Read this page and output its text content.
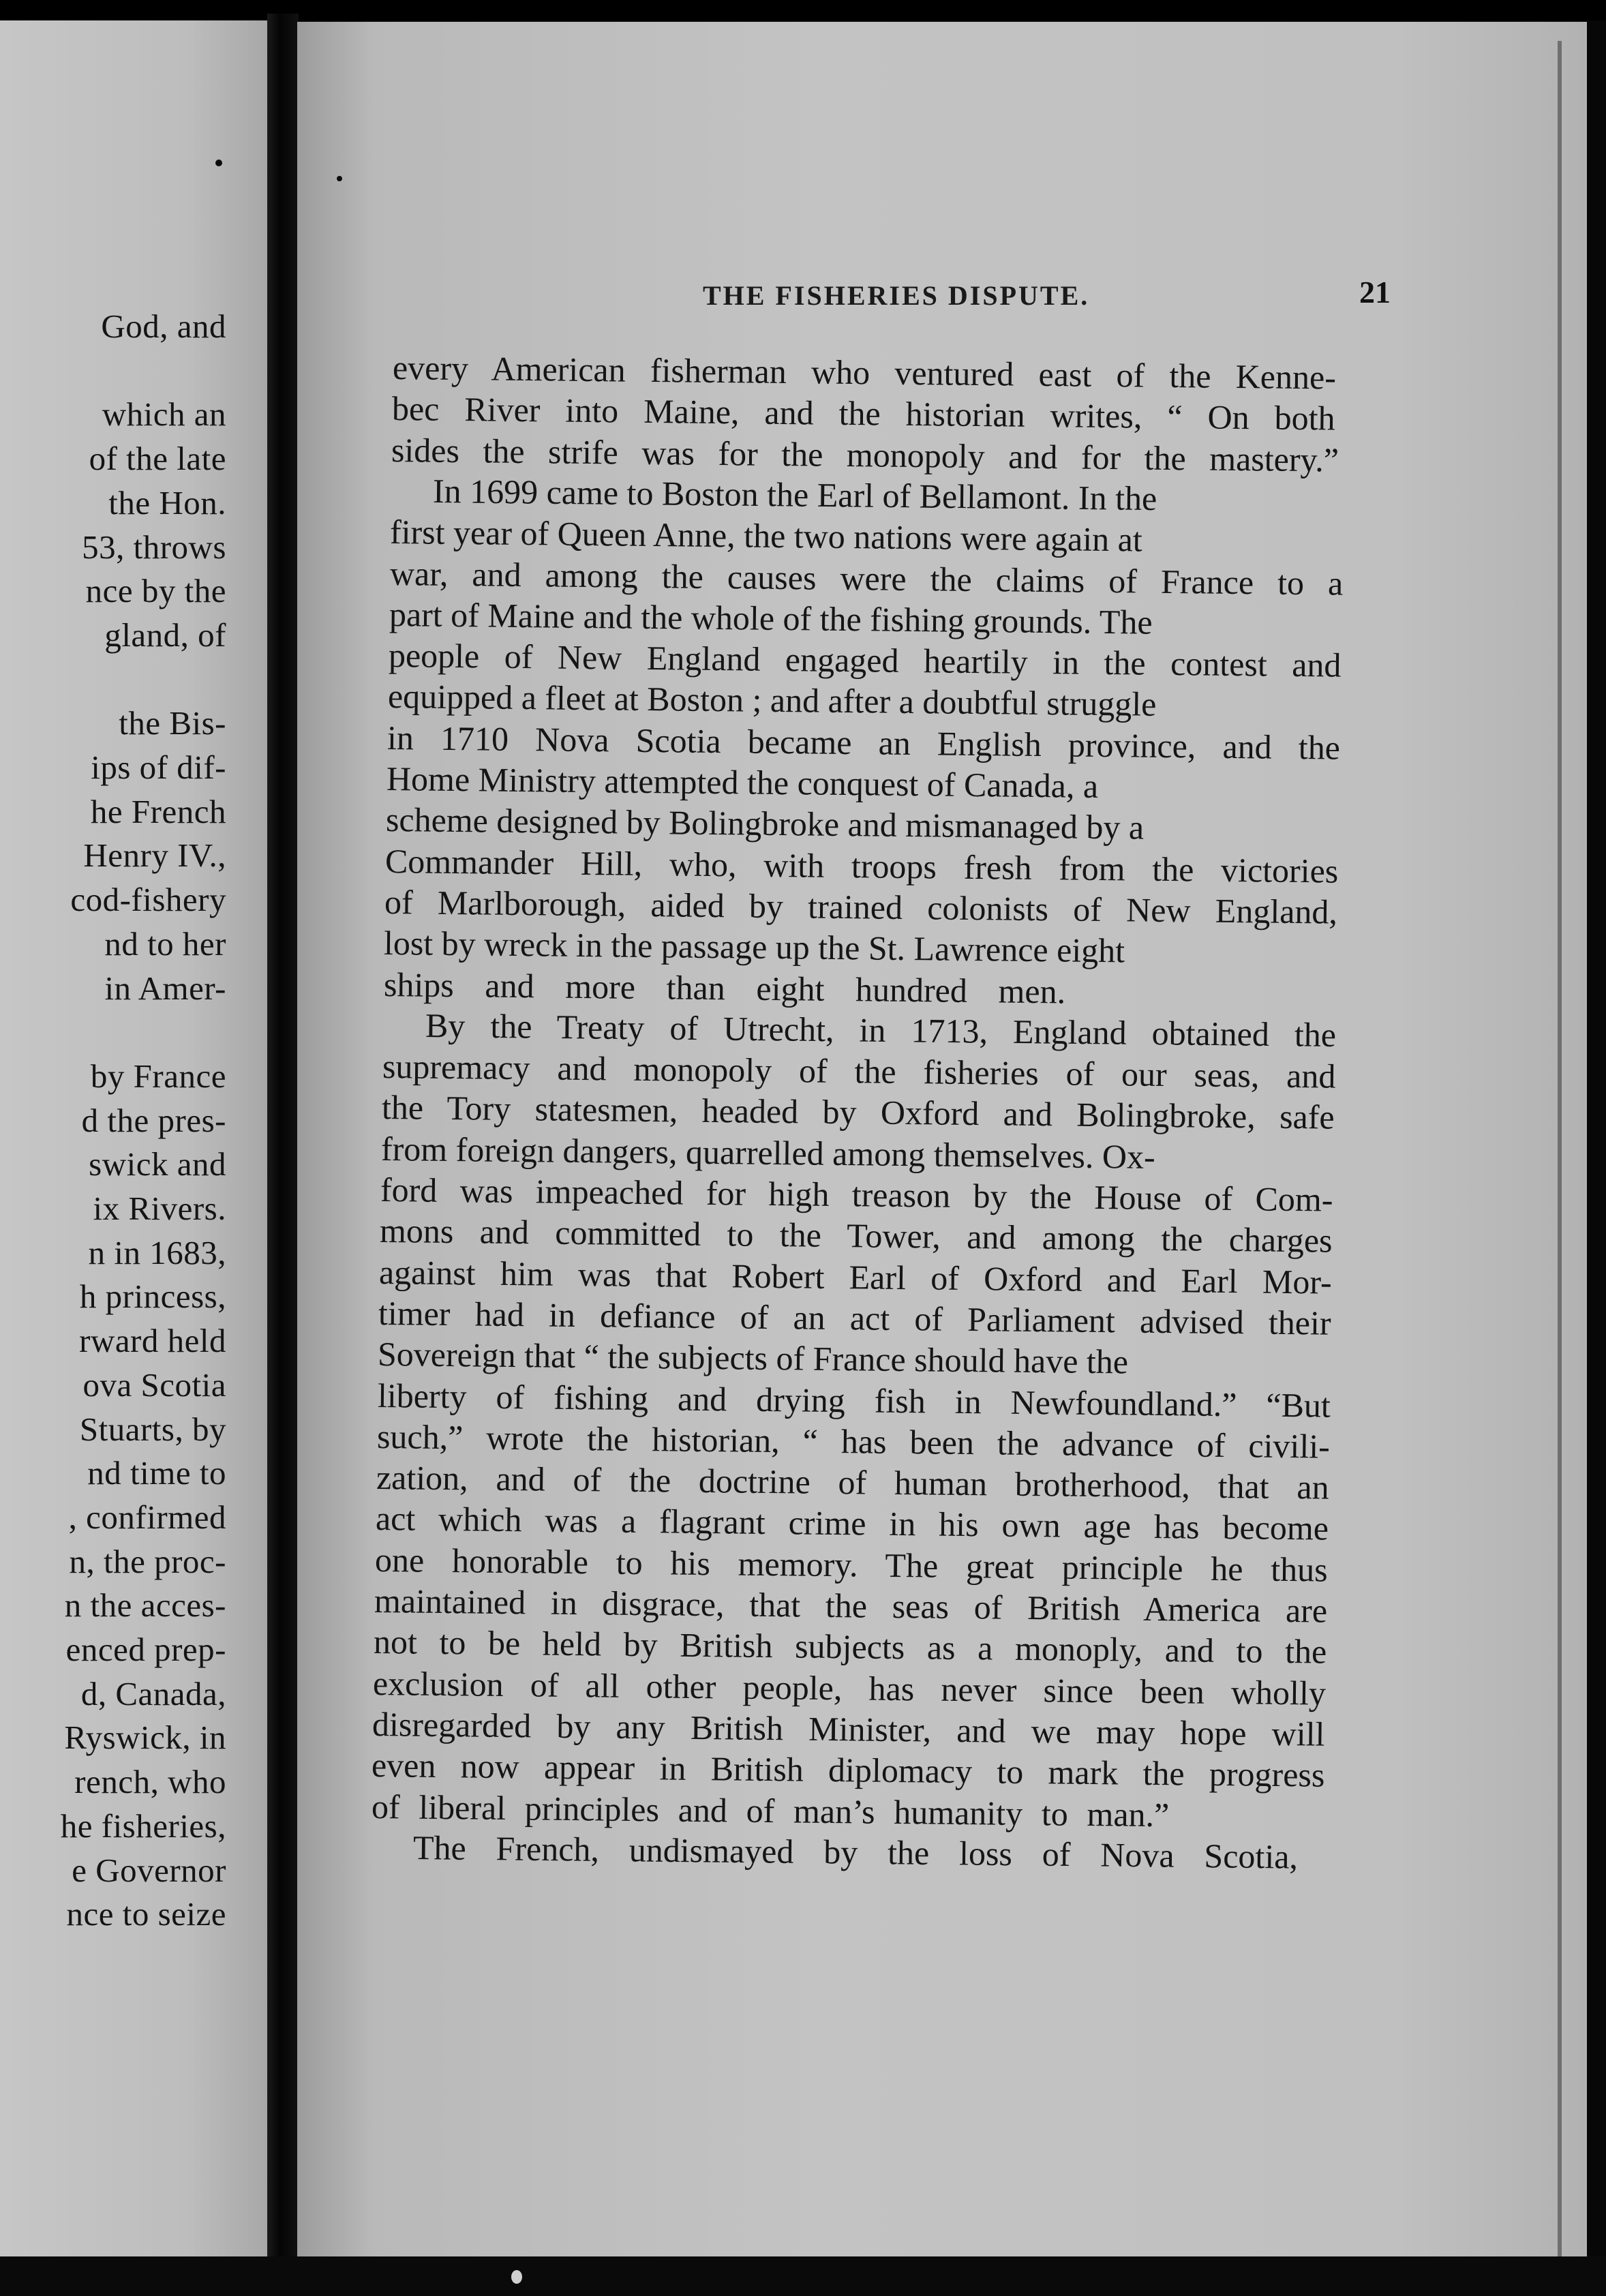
God, and
which an
of the late
the Hon.
53, throws
nce by the
gland, of
the Bis-
ips of dif-
he French
Henry IV.,
cod-fishery
nd to her
in Amer-
by France
d the pres-
swick and
ix Rivers.
n in 1683,
h princess,
rward held
ova Scotia
Stuarts, by
nd time to
, confirmed
n, the proc-
n the acces-
enced prep-
d, Canada,
Ryswick, in
rench, who
he fisheries,
e Governor
nce to seize
THE FISHERIES DISPUTE.	21
every American fisherman who ventured east of the Kenne-
bec River into Maine, and the historian writes, “ On both
sides the strife was for the monopoly and for the mastery.”
In 1699 came to Boston the Earl of Bellamont. In the
first year of Queen Anne, the two nations were again at
war, and among the causes were the claims of France to a
part of Maine and the whole of the fishing grounds. The
people of New England engaged heartily in the contest and
equipped a fleet at Boston ; and after a doubtful struggle
in 1710 Nova Scotia became an English province, and the
Home Ministry attempted the conquest of Canada, a
scheme designed by Bolingbroke and mismanaged by a
Commander Hill, who, with troops fresh from the victories
of Marlborough, aided by trained colonists of New England,
lost by wreck in the passage up the St. Lawrence eight
ships and more than eight hundred men.
By the Treaty of Utrecht, in 1713, England obtained the
supremacy and monopoly of the fisheries of our seas, and
the Tory statesmen, headed by Oxford and Bolingbroke, safe
from foreign dangers, quarrelled among themselves. Ox-
ford was impeached for high treason by the House of Com-
mons and committed to the Tower, and among the charges
against him was that Robert Earl of Oxford and Earl Mor-
timer had in defiance of an act of Parliament advised their
Sovereign that “ the subjects of France should have the
liberty of fishing and drying fish in Newfoundland.” “But
such,” wrote the historian, “ has been the advance of civili-
zation, and of the doctrine of human brotherhood, that an
act which was a flagrant crime in his own age has become
one honorable to his memory. The great principle he thus
maintained in disgrace, that the seas of British America are
not to be held by British subjects as a monoply, and to the
exclusion of all other people, has never since been wholly
disregarded by any British Minister, and we may hope will
even now appear in British diplomacy to mark the progress
of liberal principles and of man’s humanity to man.”
The French, undismayed by the loss of Nova Scotia,
